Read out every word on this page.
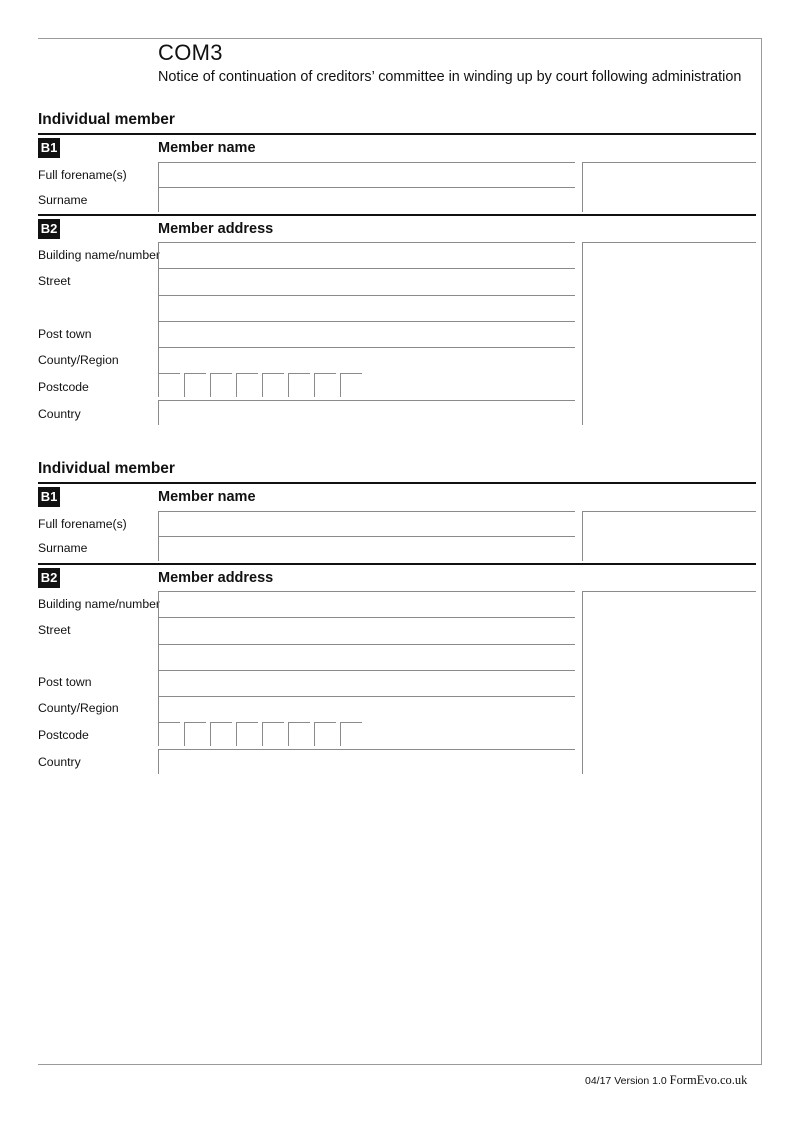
COM3
Notice of continuation of creditors’ committee in winding up by court following administration
Individual member
B1	Member name
Full forename(s)
Surname
B2	Member address
Building name/number
Street
Post town
County/Region
Postcode
Country
Individual member
B1	Member name
Full forename(s)
Surname
B2	Member address
Building name/number
Street
Post town
County/Region
Postcode
Country
04/17 Version 1.0 FormEvo.co.uk
